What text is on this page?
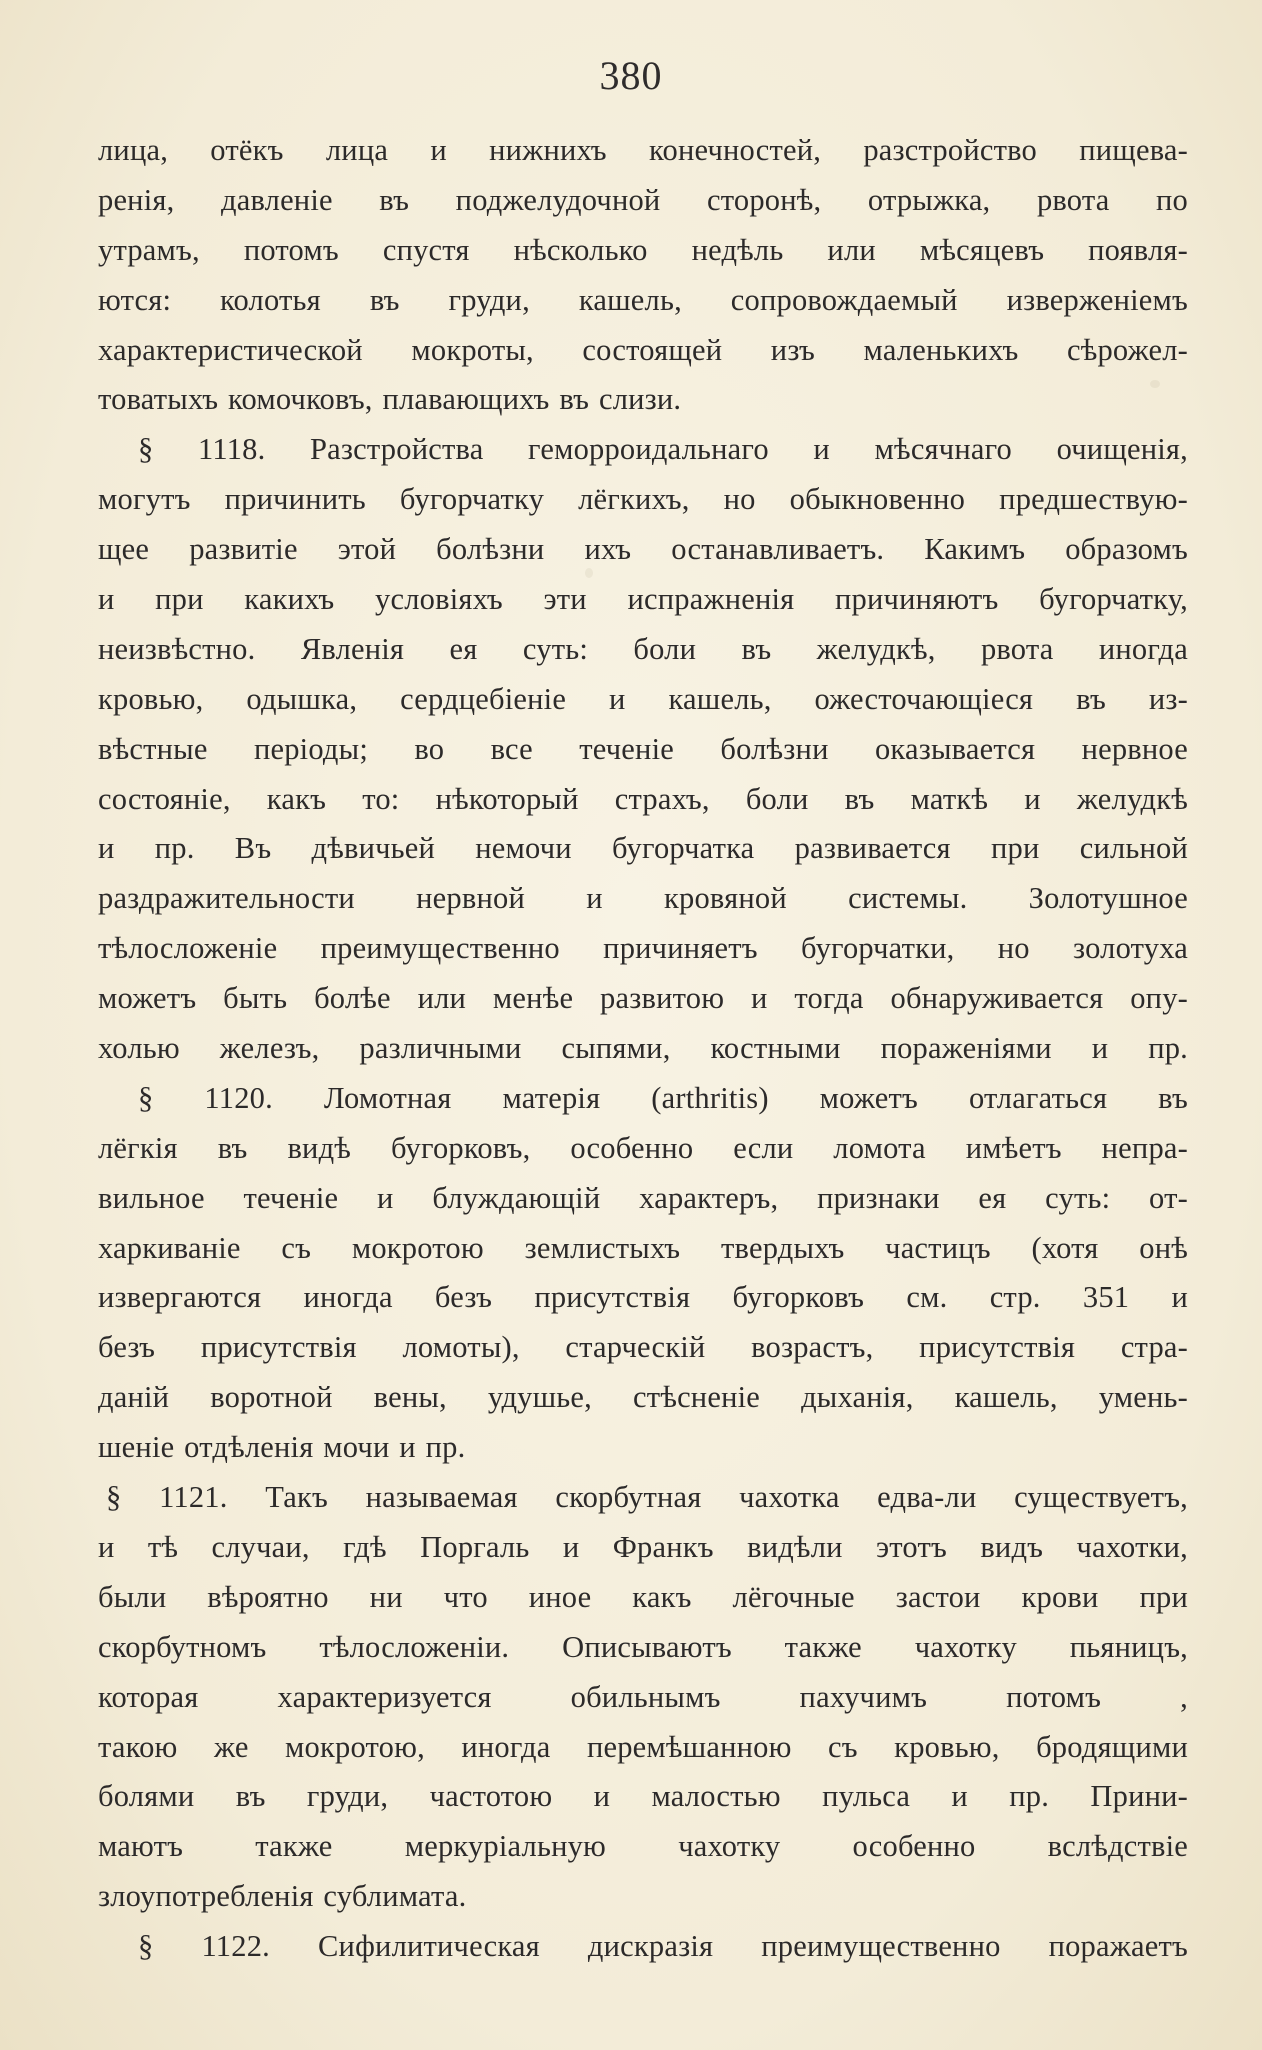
380
лица, отёкъ лица и нижнихъ конечностей, разстройство пищева-
ренія, давленіе въ поджелудочной сторонѣ, отрыжка, рвота по
утрамъ, потомъ спустя нѣсколько недѣль или мѣсяцевъ появля-
ются: колотья въ груди, кашель, сопровождаемый изверженіемъ
характеристической мокроты, состоящей изъ маленькихъ сѣрожел-
товатыхъ комочковъ, плавающихъ въ слизи.
§ 1118. Разстройства геморроидальнаго и мѣсячнаго очищенія,
могутъ причинить бугорчатку лёгкихъ, но обыкновенно предшествую-
щее развитіе этой болѣзни ихъ останавливаетъ. Какимъ образомъ
и при какихъ условіяхъ эти испражненія причиняютъ бугорчатку,
неизвѣстно. Явленія ея суть: боли въ желудкѣ, рвота иногда
кровью, одышка, сердцебіеніе и кашель, ожесточающіеся въ из-
вѣстные періоды; во все теченіе болѣзни оказывается нервное
состояніе, какъ то: нѣкоторый страхъ, боли въ маткѣ и желудкѣ
и пр. Въ дѣвичьей немочи бугорчатка развивается при сильной
раздражительности нервной и кровяной системы. Золотушное
тѣлосложеніе преимущественно причиняетъ бугорчатки, но золотуха
можетъ быть болѣе или менѣе развитою и тогда обнаруживается опу-
холью железъ, различными сыпями, костными пораженіями и пр.
§ 1120. Ломотная матерія (arthritis) можетъ отлагаться въ
лёгкія въ видѣ бугорковъ, особенно если ломота имѣетъ непра-
вильное теченіе и блуждающій характеръ, признаки ея суть: от-
харкиваніе съ мокротою землистыхъ твердыхъ частицъ (хотя онѣ
извергаются иногда безъ присутствія бугорковъ см. стр. 351 и
безъ присутствія ломоты), старческій возрастъ, присутствія стра-
даній воротной вены, удушье, стѣсненіе дыханія, кашель, умень-
шеніе отдѣленія мочи и пр.
§ 1121. Такъ называемая скорбутная чахотка едва-ли существуетъ,
и тѣ случаи, гдѣ Поргаль и Франкъ видѣли этотъ видъ чахотки,
были вѣроятно ни что иное какъ лёгочные застои крови при
скорбутномъ тѣлосложеніи. Описываютъ также чахотку пьяницъ,
которая характеризуется обильнымъ пахучимъ потомъ ,
такою же мокротою, иногда перемѣшанною съ кровью, бродящими
болями въ груди, частотою и малостью пульса и пр. Прини-
маютъ также меркуріальную чахотку особенно вслѣдствіе
злоупотребленія сублимата.
§ 1122. Сифилитическая дискразія преимущественно поражаетъ
